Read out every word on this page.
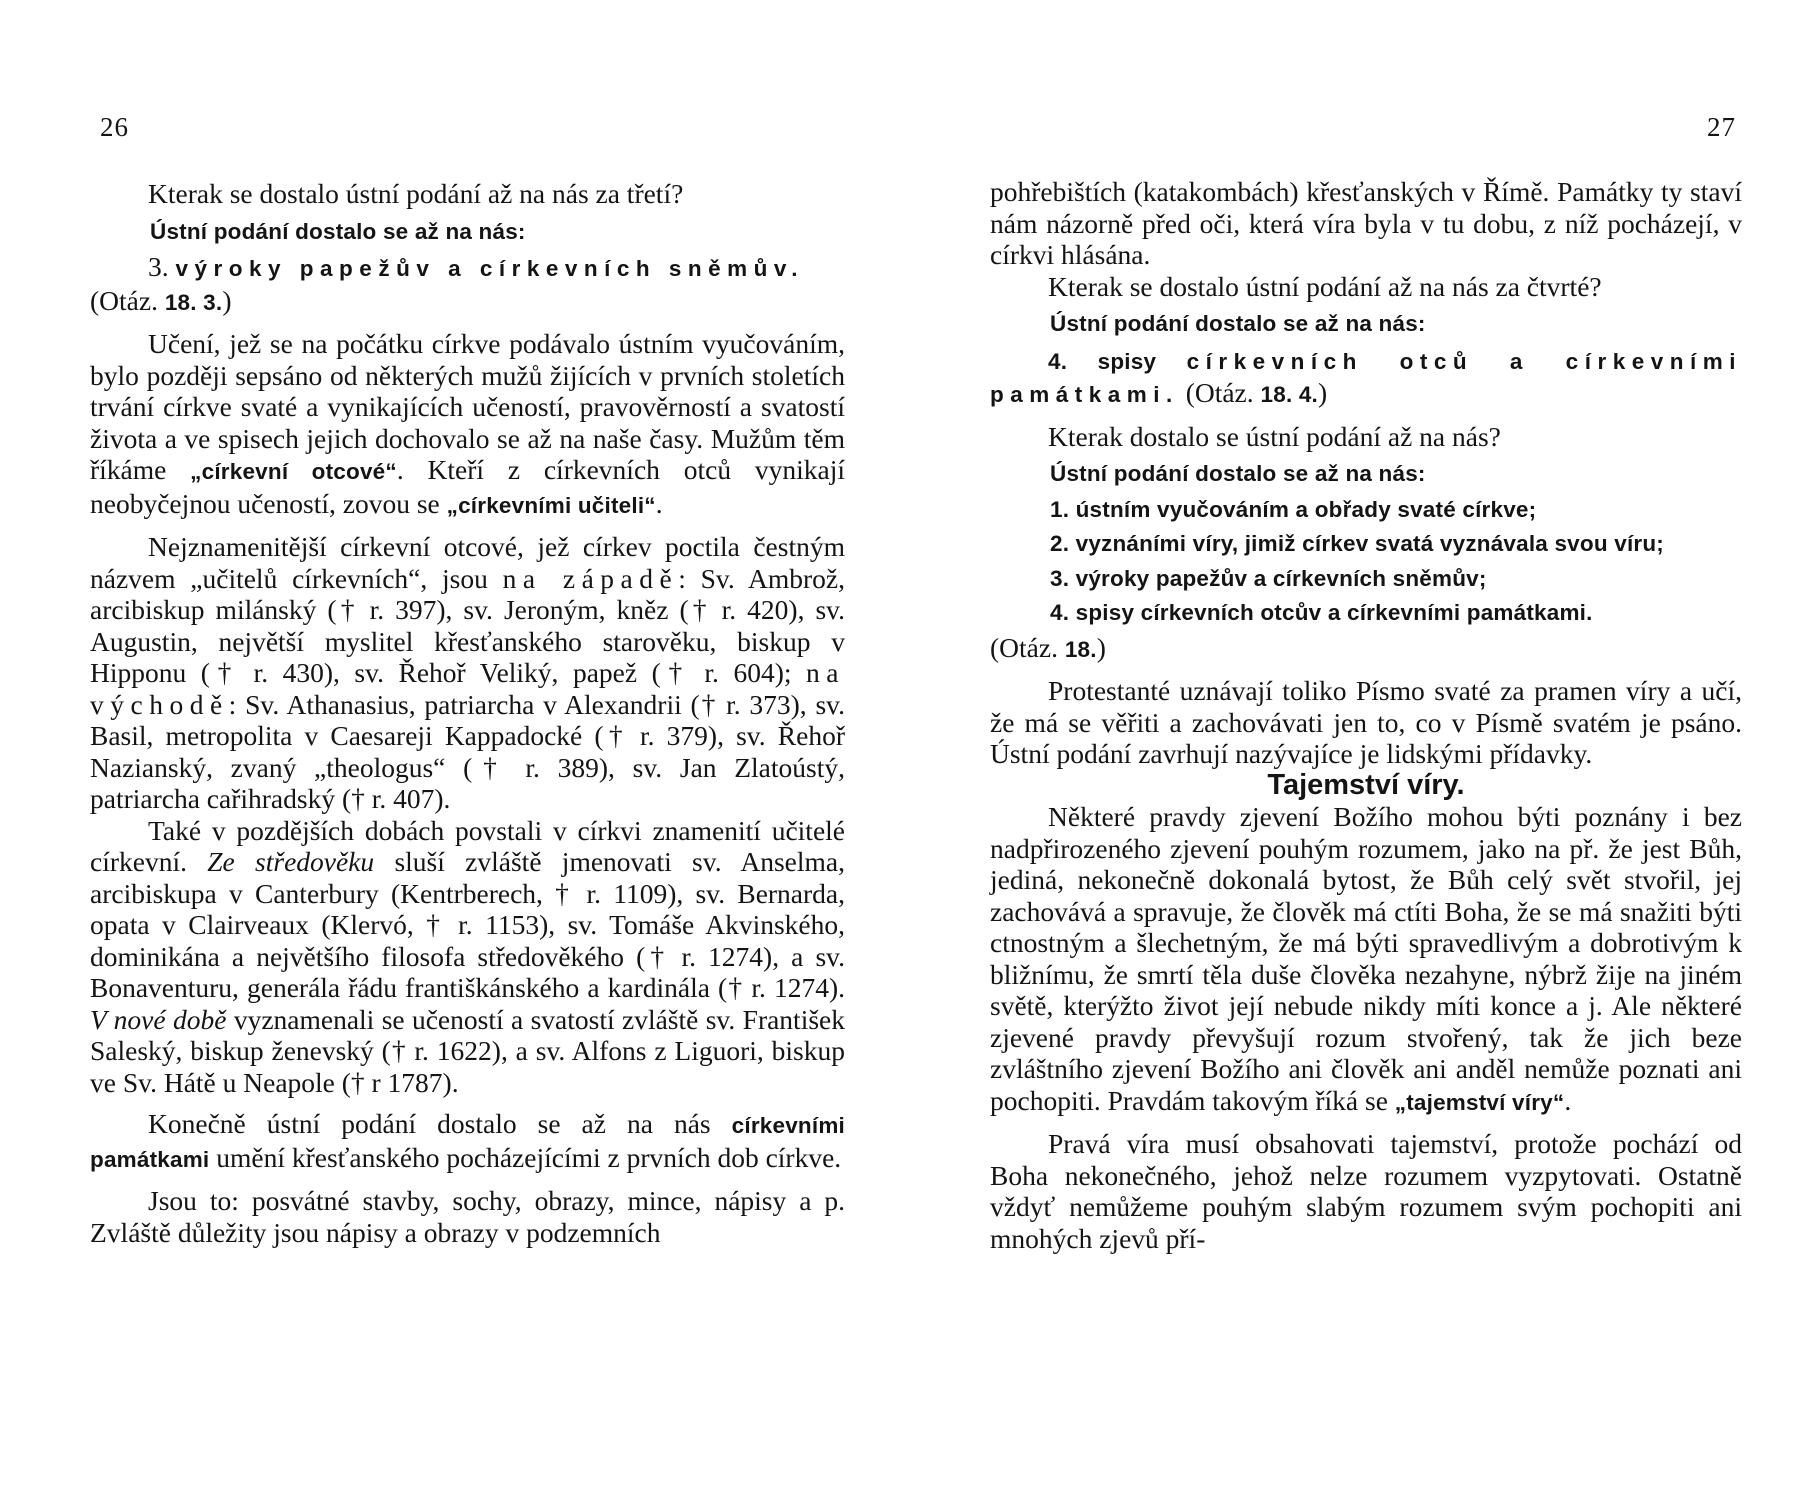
26

Kterak se dostalo ústní podání až na nás za třetí?

Ústní podání dostalo se až na nás:

3. výroky papežův a církevních sněmův.

(Otáz. 18. 3.)

Učení, jež se na počátku církve podávalo ústním vyučováním, bylo později sepsáno od některých mužů žijících v prvních stoletích trvání církve svaté a vynikajících učeností, pravověrností a svatostí života a ve spisech jejich dochovalo se až na naše časy. Mužům těm říkáme „církevní otcové“. Kteří z církevních otců vynikají neobyčejnou učeností, zovou se „církevními učiteli“.

Nejznamenitější církevní otcové, jež církev poctila čestným názvem „učitelů církevních“, jsou na západě: Sv. Ambrož, arcibiskup milánský († r. 397), sv. Jeroným, kněz († r. 420), sv. Augustin, největší myslitel křesťanského starověku, biskup v Hipponu († r. 430), sv. Řehoř Veliký, papež († r. 604); na východě: Sv. Athanasius, patriarcha v Alexandrii († r. 373), sv. Basil, metropolita v Caesareji Kappadocké († r. 379), sv. Řehoř Nazianský, zvaný „theologus“ († r. 389), sv. Jan Zlatoústý, patriarcha cařihradský († r. 407).

Také v pozdějších dobách povstali v církvi znamenití učitelé církevní. Ze středověku sluší zvláště jmenovati sv. Anselma, arcibiskupa v Canterbury (Kentrberech, † r. 1109), sv. Bernarda, opata v Clairveaux (Klervó, † r. 1153), sv. Tomáše Akvinského, dominikána a největšího filosofa středověkého († r. 1274), a sv. Bonaventuru, generála řádu františkánského a kardinála († r. 1274). V nové době vyznamenali se učeností a svatostí zvláště sv. František Saleský, biskup ženevský († r. 1622), a sv. Alfons z Liguori, biskup ve Sv. Hátě u Neapole († r 1787).

Konečně ústní podání dostalo se až na nás církevními památkami umění křesťanského pocházejícími z prvních dob církve.

Jsou to: posvátné stavby, sochy, obrazy, mince, nápisy a p. Zvláště důležity jsou nápisy a obrazy v podzemních

27

pohřebištích (katakombách) křesťanských v Římě. Památky ty staví nám názorně před oči, která víra byla v tu dobu, z níž pocházejí, v církvi hlásána.

Kterak se dostalo ústní podání až na nás za čtvrté?

Ústní podání dostalo se až na nás:

4. spisy církevních otců a církevními památkami. (Otáz. 18. 4.)

Kterak dostalo se ústní podání až na nás?

Ústní podání dostalo se až na nás:
1. ústním vyučováním a obřady svaté církve;
2. vyznáními víry, jimiž církev svatá vyznávala svou víru;
3. výroky papežův a církevních sněmův;
4. spisy církevních otcův a církevními památkami.

(Otáz. 18.)

Protestanté uznávají toliko Písmo svaté za pramen víry a učí, že má se věřiti a zachovávati jen to, co v Písmě svatém je psáno. Ústní podání zavrhují nazývajíce je lidskými přídavky.

Tajemství víry.

Některé pravdy zjevení Božího mohou býti poznány i bez nadpřirozeného zjevení pouhým rozumem, jako na př. že jest Bůh, jediná, nekonečně dokonalá bytost, že Bůh celý svět stvořil, jej zachovává a spravuje, že člověk má ctíti Boha, že se má snažiti býti ctnostným a šlechetným, že má býti spravedlivým a dobrotivým k bližnímu, že smrtí těla duše člověka nezahyne, nýbrž žije na jiném světě, kterýžto život její nebude nikdy míti konce a j. Ale některé zjevené pravdy převyšují rozum stvořený, tak že jich beze zvláštního zjevení Božího ani člověk ani anděl nemůže poznati ani pochopiti. Pravdám takovým říká se „tajemství víry“.

Pravá víra musí obsahovati tajemství, protože pochází od Boha nekonečného, jehož nelze rozumem vyzpytovati. Ostatně vždyť nemůžeme pouhým slabým rozumem svým pochopiti ani mnohých zjevů pří-
